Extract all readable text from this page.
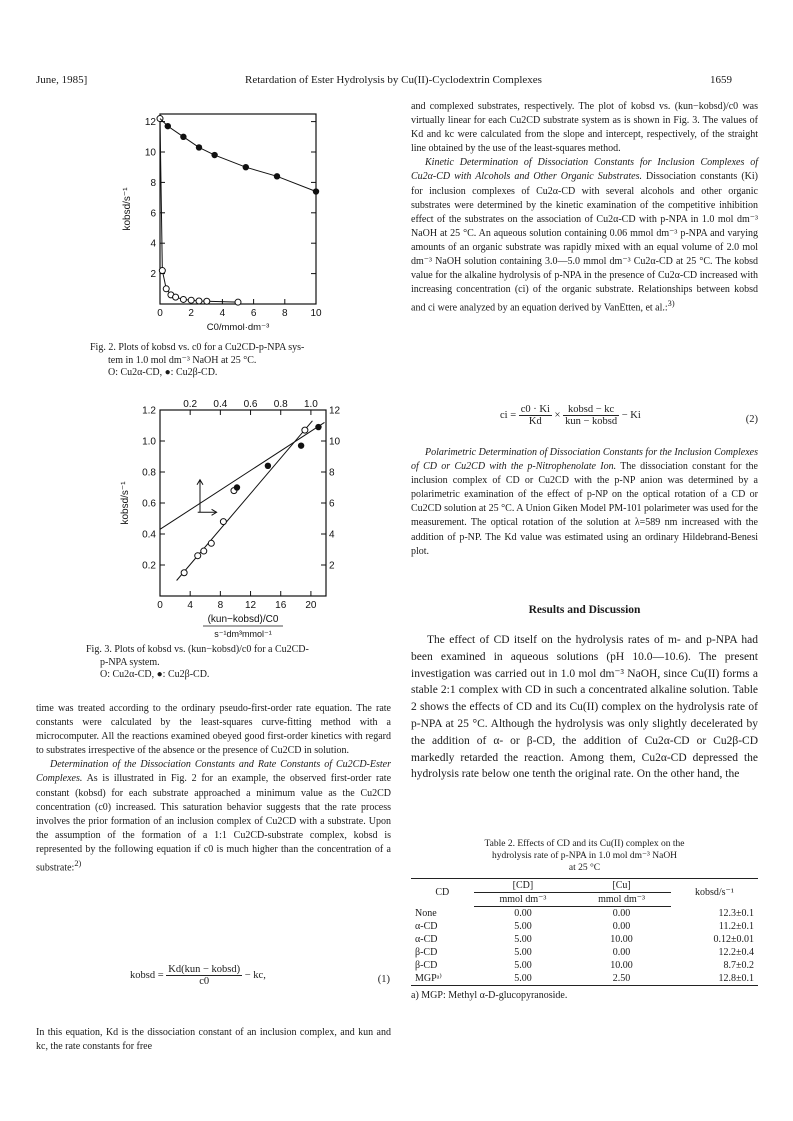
June, 1985]	Retardation of Ester Hydrolysis by Cu(II)-Cyclodextrin Complexes	1659
0	2	4	6	8 10
2
4
6
8
10
12
kobsd/s⁻¹
C0/mmol·dm⁻³
Fig. 2. Plots of kobsd vs. c0 for a Cu2CD-p-NPA sys-
tem in 1.0 mol dm⁻³ NaOH at 25 °C.
O: Cu2α-CD, ●: Cu2β-CD.
0 4 8 12 16 20
0.2
0.4
0.6
0.8
1.0
1.2
0.2 0.4 0.6 0.8 1.0
2
4
6
8
10
12
kobsd/s⁻¹
(kun−kobsd)/C0
s⁻¹dm³mmol⁻¹
Fig. 3. Plots of kobsd vs. (kun−kobsd)/c0 for a Cu2CD-
p-NPA system.
O: Cu2α-CD, ●: Cu2β-CD.

time was treated according to the ordinary pseudo-first-order rate equation. The rate constants were calculated by the least-squares curve-fitting method with a microcomputer. All the reactions examined obeyed good first-order kinetics with regard to substrates irrespective of the absence or the presence of Cu2CD in solution.

Determination of the Dissociation Constants and Rate Constants of Cu2CD-Ester Complexes. As is illustrated in Fig. 2 for an example, the observed first-order rate constant (kobsd) for each substrate approached a minimum value as the Cu2CD concentration (c0) increased. This saturation behavior suggests that the rate process involves the prior formation of an inclusion complex of Cu2CD with a substrate. Upon the assumption of the formation of a 1:1 Cu2CD-substrate complex, kobsd is represented by the following equation if c0 is much higher than the concentration of a substrate:$^{2)}$

kobsd = $\frac{\text{Kd(kun − kobsd)}}{c0}$ − kc,	(1)

In this equation, Kd is the dissociation constant of an inclusion complex, and kun and kc, the rate constants for free

and complexed substrates, respectively. The plot of kobsd vs. (kun−kobsd)/c0 was virtually linear for each Cu2CD substrate system as is shown in Fig. 3. The values of Kd and kc were calculated from the slope and intercept, respectively, of the straight line obtained by the use of the least-squares method.

Kinetic Determination of Dissociation Constants for Inclusion Complexes of Cu2α-CD with Alcohols and Other Organic Substrates. Dissociation constants (Ki) for inclusion complexes of Cu2α-CD with several alcohols and other organic substrates were determined by the kinetic examination of the competitive inhibition effect of the substrates on the association of Cu2α-CD with p-NPA in 1.0 mol dm⁻³ NaOH at 25 °C. An aqueous solution containing 0.06 mmol dm⁻³ p-NPA and varying amounts of an organic substrate was rapidly mixed with an equal volume of 2.0 mol dm⁻³ NaOH solution containing 3.0—5.0 mmol dm⁻³ Cu2α-CD at 25 °C. The kobsd value for the alkaline hydrolysis of p-NPA in the presence of Cu2α-CD increased with increasing concentration (ci) of the organic substrate. Relationships between kobsd and ci were analyzed by an equation derived by VanEtten, et al.:$^{3)}$

ci = $\frac{c0 \cdot Ki}{Kd} \times \frac{\text{kobsd − kc}}{\text{kun − kobsd}} - Ki$	(2)

Polarimetric Determination of Dissociation Constants for the Inclusion Complexes of CD or Cu2CD with the p-Nitrophenolate Ion. The dissociation constant for the inclusion complex of CD or Cu2CD with the p-NP anion was determined by a polarimetric examination of the effect of p-NP on the optical rotation of a CD or Cu2CD solution at 25 °C. A Union Giken Model PM-101 polarimeter was used for the measurement. The optical rotation of the solution at λ=589 nm increased with the addition of p-NP. The Kd value was estimated using an ordinary Hildebrand-Benesi plot.

Results and Discussion

The effect of CD itself on the hydrolysis rates of m- and p-NPA had been examined in aqueous solutions (pH 10.0—10.6). The present investigation was carried out in 1.0 mol dm⁻³ NaOH, since Cu(II) forms a stable 2:1 complex with CD in such a concentrated alkaline solution. Table 2 shows the effects of CD and its Cu(II) complex on the hydrolysis rate of p-NPA at 25 °C. Although the hydrolysis was only slightly decelerated by the addition of α- or β-CD, the addition of Cu2α-CD or Cu2β-CD markedly retarded the reaction. Among them, Cu2α-CD depressed the hydrolysis rate below one tenth the original rate. On the other hand, the

Table 2. Effects of CD and its Cu(II) complex on the
hydrolysis rate of p-NPA in 1.0 mol dm⁻³ NaOH
at 25 °C
CD	[CD]	[Cu]	kobsd/s⁻¹
	mmol dm⁻³	mmol dm⁻³	
None	0.00	0.00	12.3±0.1
α-CD	5.00	0.00	11.2±0.1
α-CD	5.00	10.00	0.12±0.01
β-CD	5.00	0.00	12.2±0.4
β-CD	5.00	10.00	8.7±0.2
MGPᵃ⁾	5.00	2.50	12.8±0.1
a) MGP: Methyl α-D-glucopyranoside.
